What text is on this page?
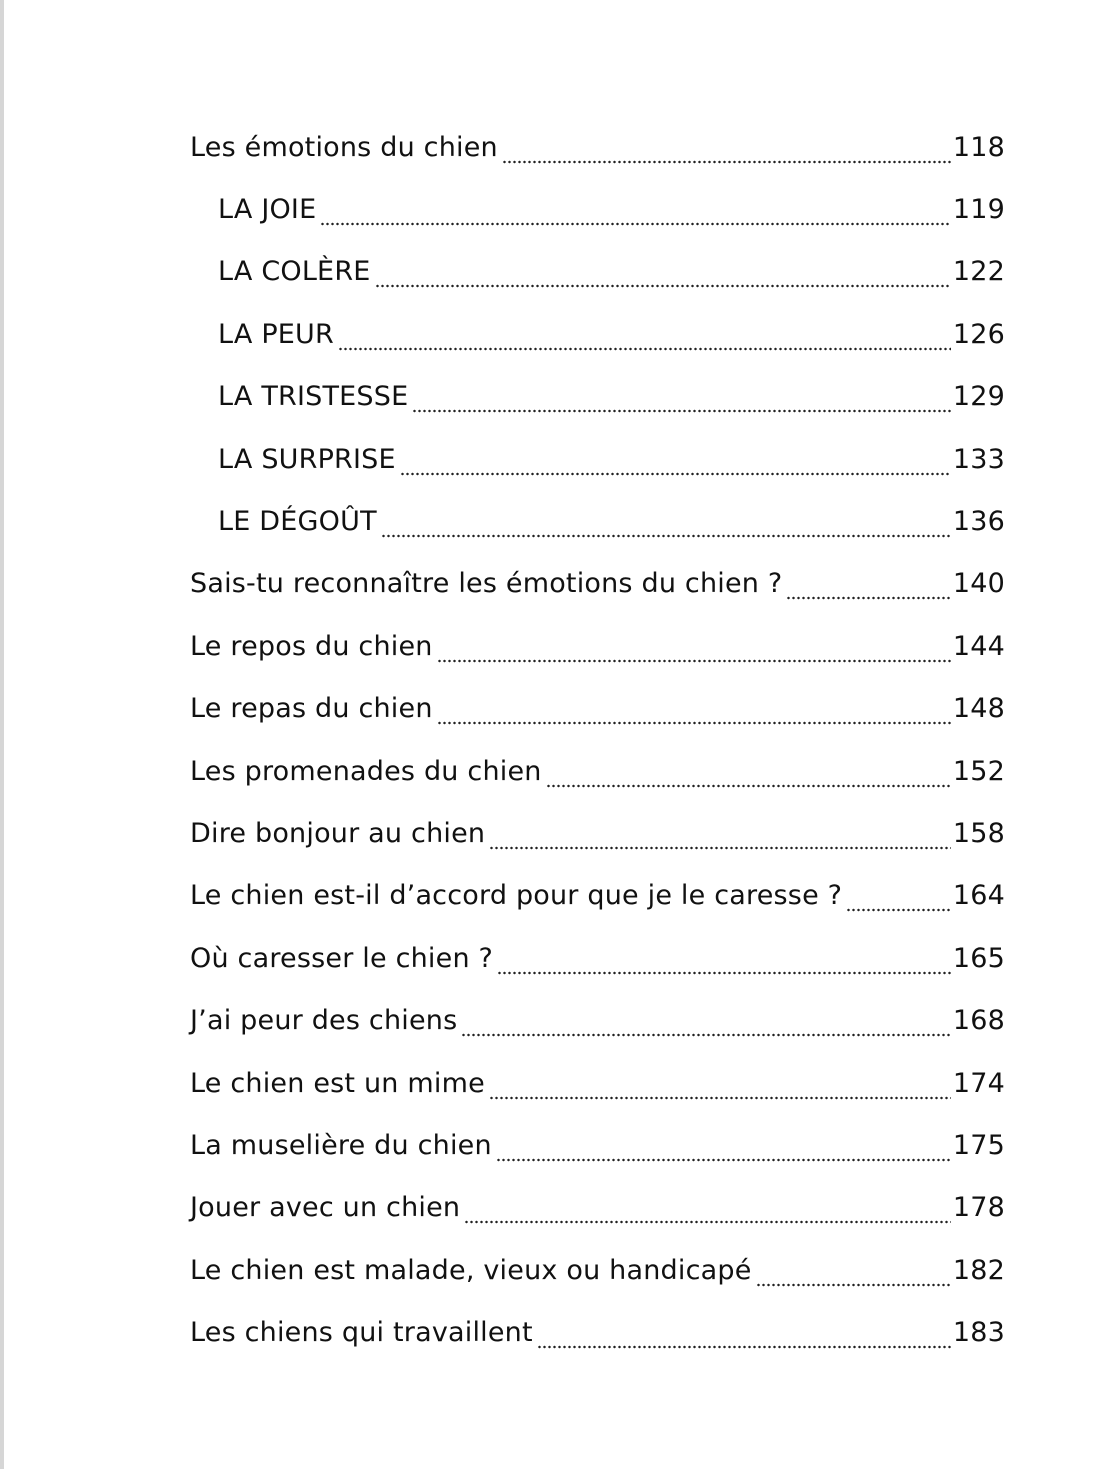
Les émotions du chien	118
LA JOIE	119
LA COLÈRE	122
LA PEUR	126
LA TRISTESSE	129
LA SURPRISE	133
LE DÉGOÛT	136
Sais-tu reconnaître les émotions du chien ?	140
Le repos du chien	144
Le repas du chien	148
Les promenades du chien	152
Dire bonjour au chien	158
Le chien est-il d’accord pour que je le caresse ?	164
Où caresser le chien ?	165
J’ai peur des chiens	168
Le chien est un mime	174
La muselière du chien	175
Jouer avec un chien	178
Le chien est malade, vieux ou handicapé	182
Les chiens qui travaillent	183
